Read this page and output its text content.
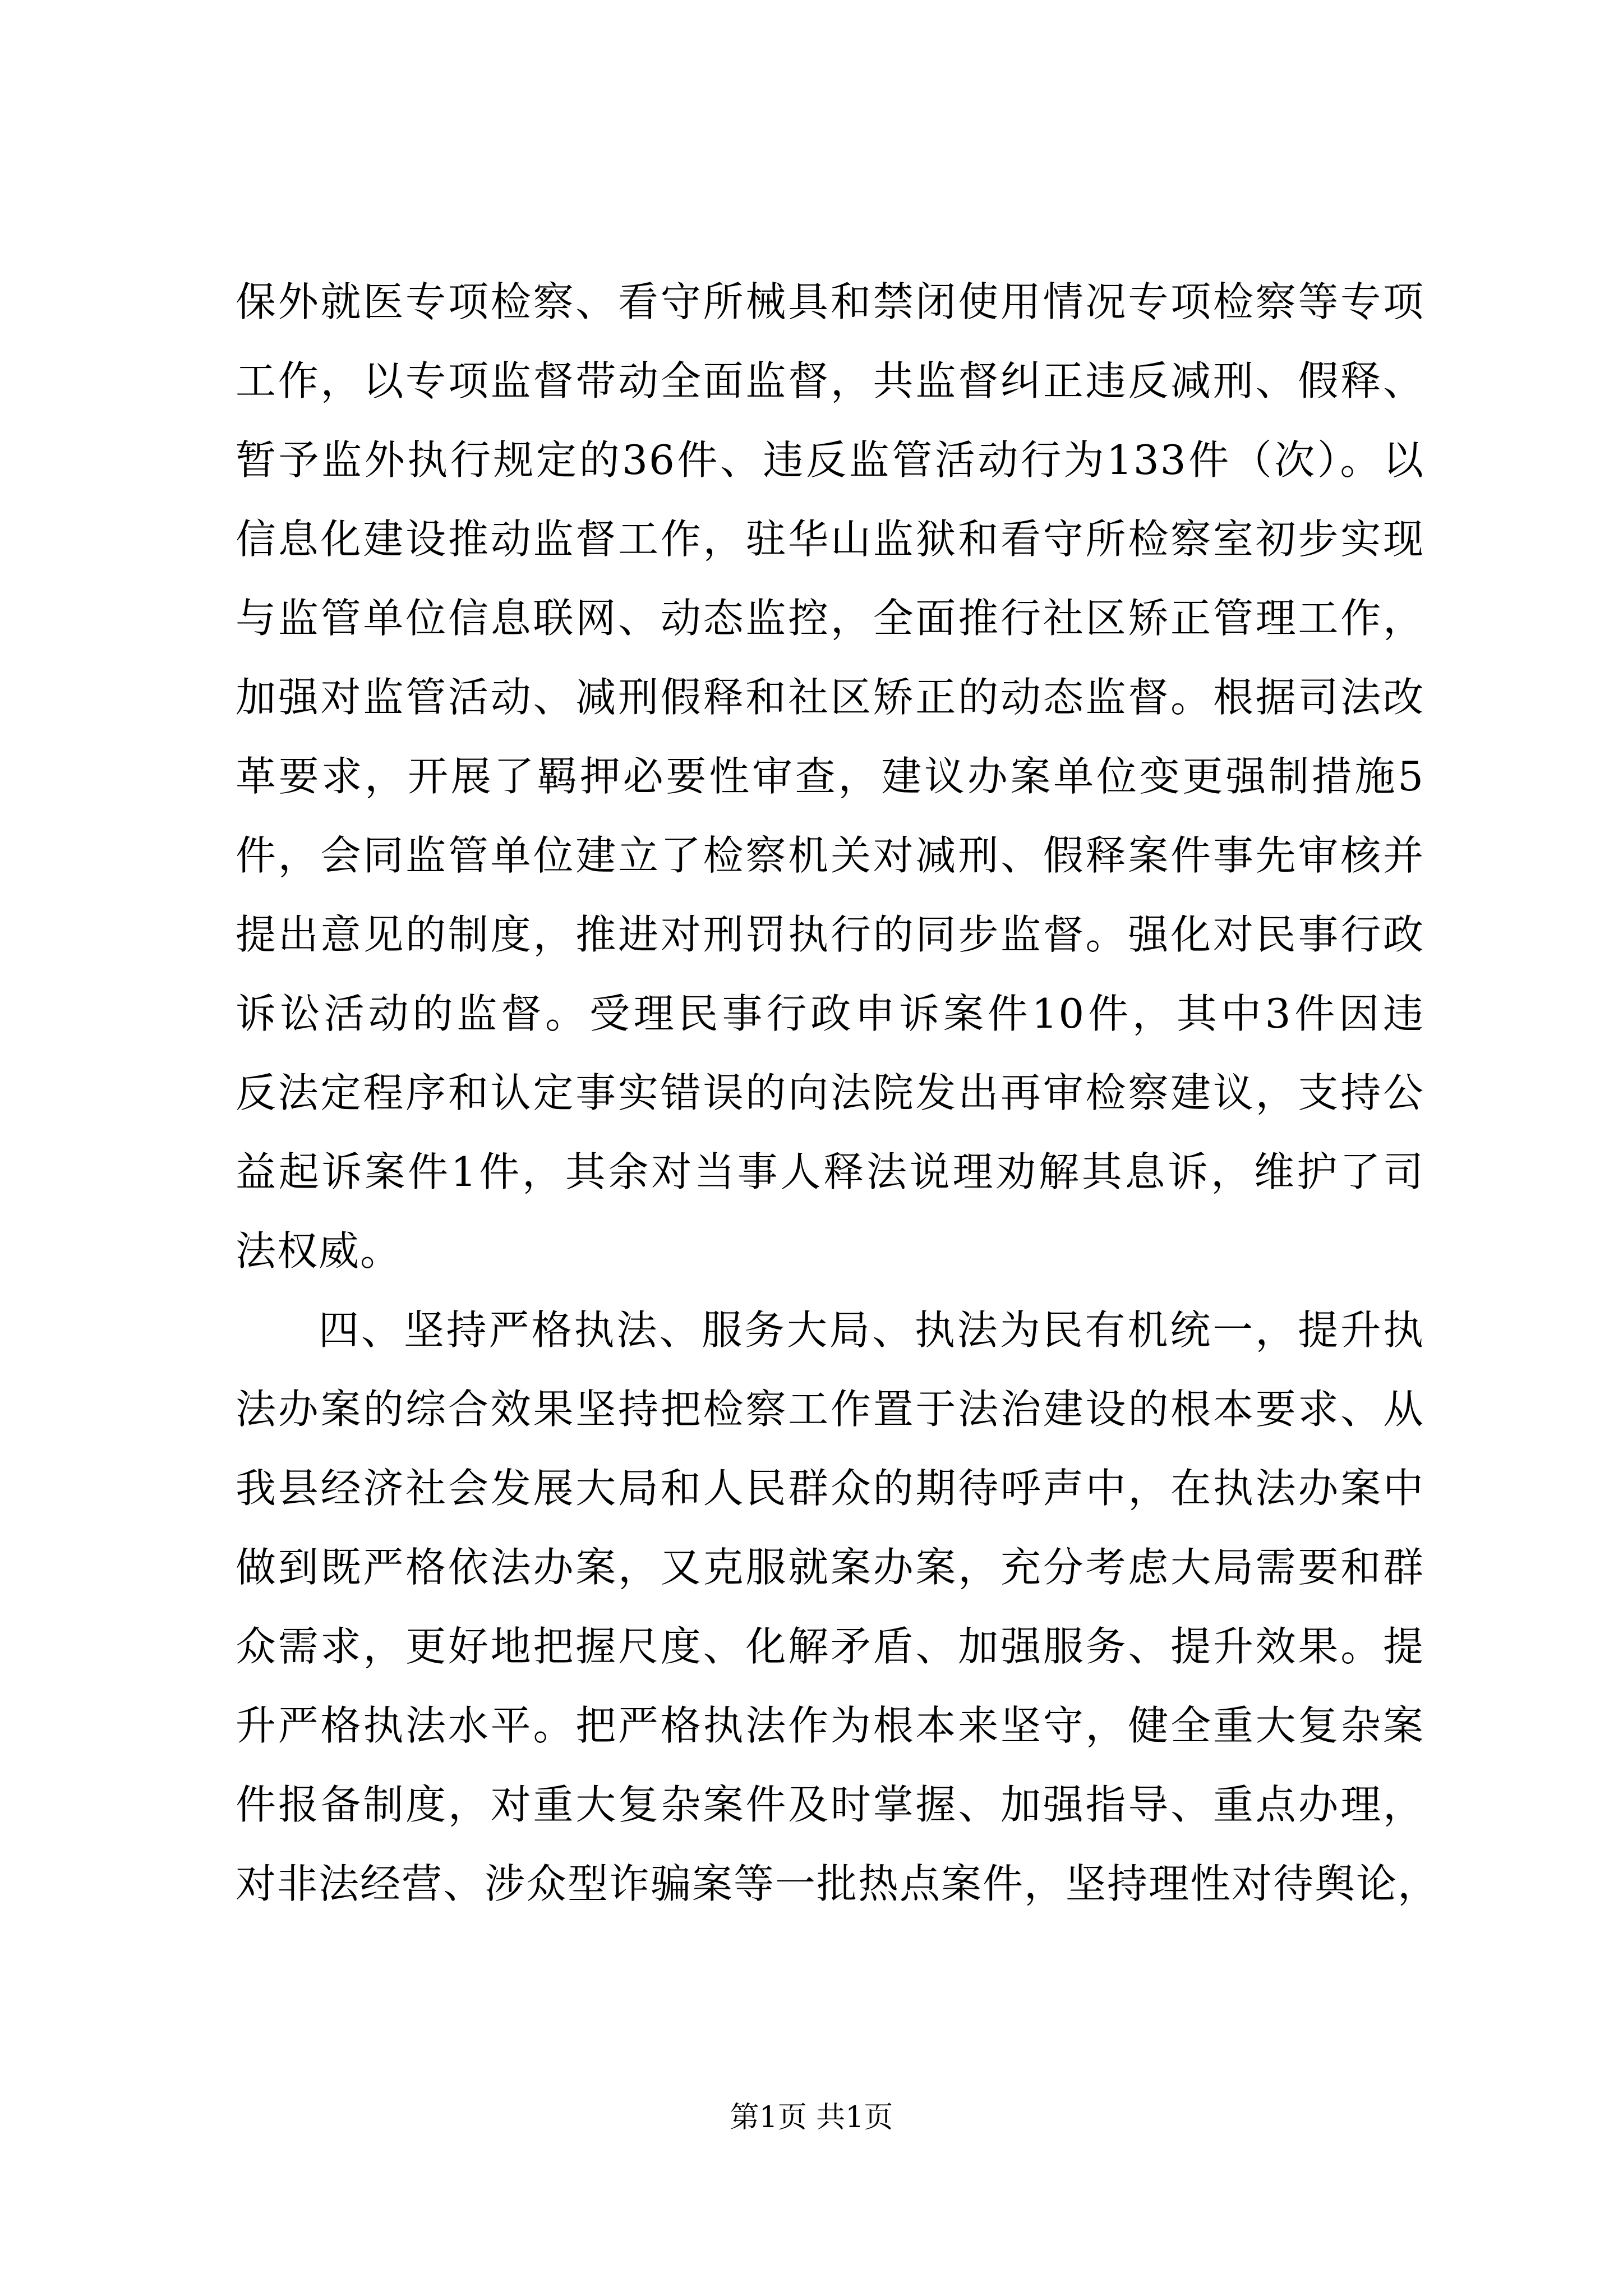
保外就医专项检察、看守所械具和禁闭使用情况专项检察等专项
工作，以专项监督带动全面监督，共监督纠正违反减刑、假释、
暂予监外执行规定的36件、违反监管活动行为133件（次）。以
信息化建设推动监督工作，驻华山监狱和看守所检察室初步实现
与监管单位信息联网、动态监控，全面推行社区矫正管理工作，
加强对监管活动、减刑假释和社区矫正的动态监督。根据司法改
革要求，开展了羁押必要性审查，建议办案单位变更强制措施5
件，会同监管单位建立了检察机关对减刑、假释案件事先审核并
提出意见的制度，推进对刑罚执行的同步监督。强化对民事行政
诉讼活动的监督。受理民事行政申诉案件10件，其中3件因违
反法定程序和认定事实错误的向法院发出再审检察建议，支持公
益起诉案件1件，其余对当事人释法说理劝解其息诉，维护了司
法权威。
四、坚持严格执法、服务大局、执法为民有机统一，提升执
法办案的综合效果坚持把检察工作置于法治建设的根本要求、从
我县经济社会发展大局和人民群众的期待呼声中，在执法办案中
做到既严格依法办案，又克服就案办案，充分考虑大局需要和群
众需求，更好地把握尺度、化解矛盾、加强服务、提升效果。提
升严格执法水平。把严格执法作为根本来坚守，健全重大复杂案
件报备制度，对重大复杂案件及时掌握、加强指导、重点办理，
对非法经营、涉众型诈骗案等一批热点案件，坚持理性对待舆论，
第1页 共1页
